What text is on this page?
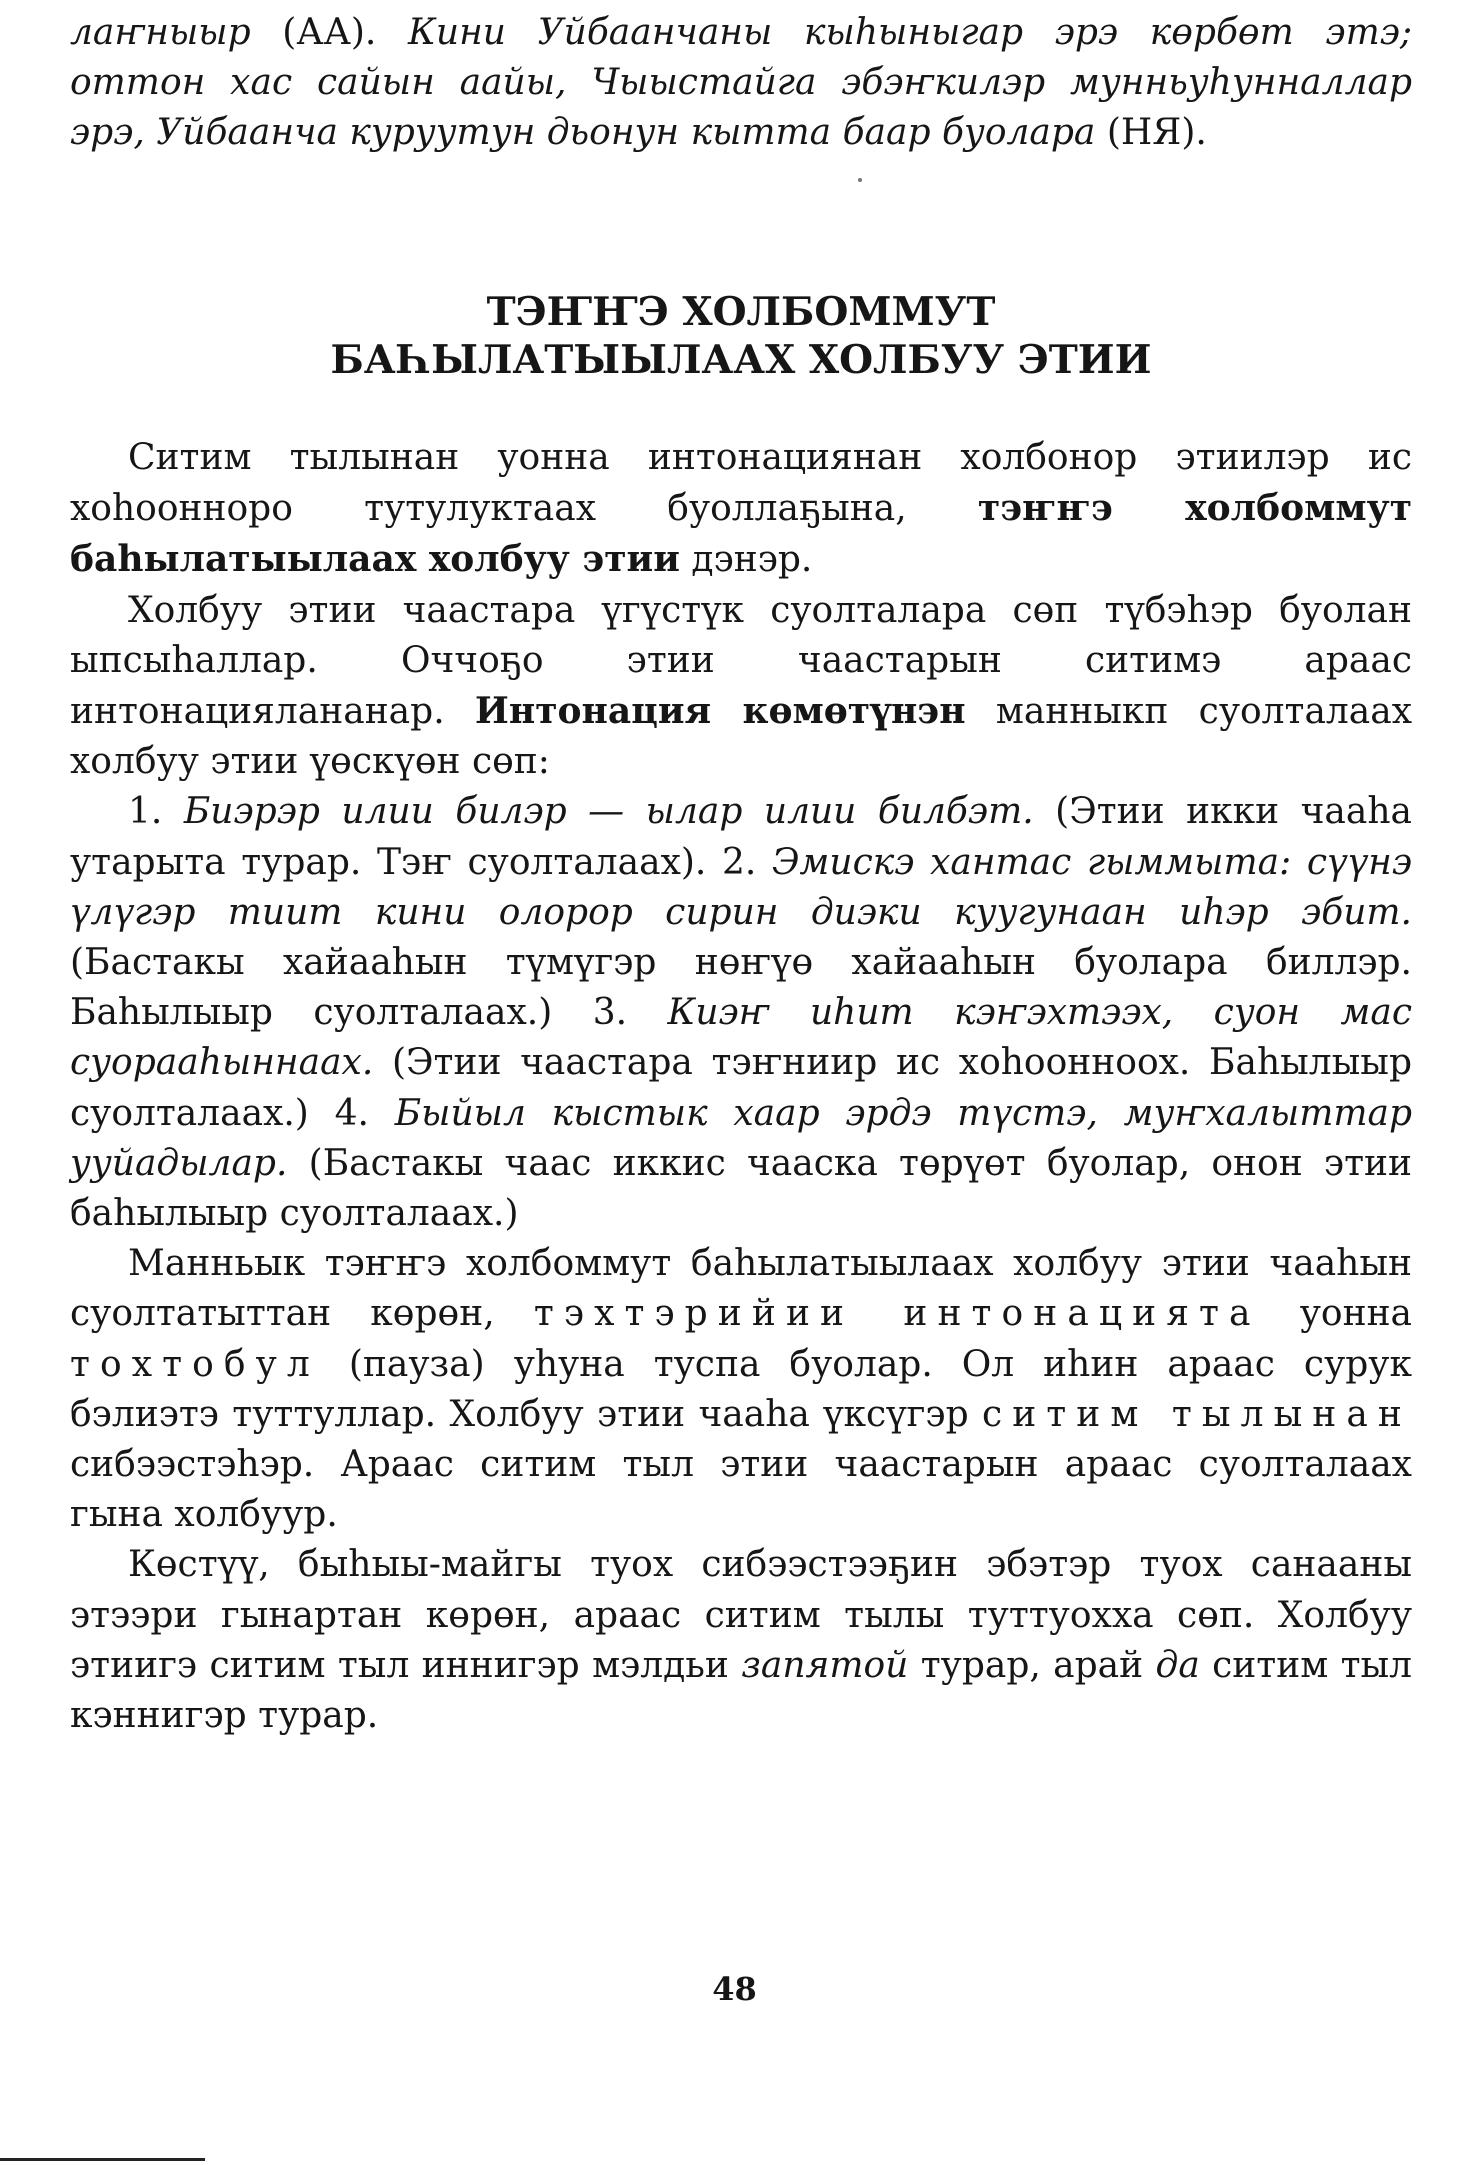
лаҥныыр (АА). Кини Уйбаанчаны кыһыныгар эрэ көрбөт этэ; оттон хас сайын аайы, Чыыстайга эбэҥкилэр мунньуһунналлар эрэ, Уйбаанча куруутун дьонун кытта баар буолара (НЯ).

ТЭҤҤЭ ХОЛБОММУТ
БАҺЫЛАТЫЫЛААХ ХОЛБУУ ЭТИИ

Ситим тылынан уонна интонациянан холбонор этиилэр ис хоһоонноро тутулуктаах буоллаҕына, тэҥҥэ холбоммут баһылатыылаах холбуу этии дэнэр.

Холбуу этии чаастара үгүстүк суолталара сөп түбэһэр буолан ыпсыһаллар. Оччоҕо этии чаастарын ситимэ араас интонациялананар. Интонация көмөтүнэн манныкп суолталаах холбуу этии үөскүөн сөп:

1. Биэрэр илии билэр — ылар илии билбэт. (Этии икки чааһа утарыта турар. Тэҥ суолталаах). 2. Эмискэ хантас гыммыта: сүүнэ үлүгэр тиит кини олорор сирин диэки куугунаан иһэр эбит. (Бастакы хайааһын түмүгэр нөҥүө хайааһын буолара биллэр. Баһылыыр суолталаах.) 3. Киэҥ иһит кэҥэхтээх, суон мас суорааһыннаах. (Этии чаастара тэҥниир ис хоһоонноох. Баһылыыр суолталаах.) 4. Быйыл кыстык хаар эрдэ түстэ, муҥхалыттар ууйадылар. (Бастакы чаас иккис чааска төрүөт буолар, онон этии баһылыыр суолталаах.)

Манньык тэҥҥэ холбоммут баһылатыылаах холбуу этии чааһын суолтатыттан көрөн, тэхтэрийии интонацията уонна тохтобул (пауза) уһуна туспа буолар. Ол иһин араас сурук бэлиэтэ туттуллар. Холбуу этии чааһа үксүгэр ситим тылынан сибээстэһэр. Араас ситим тыл этии чаастарын араас суолталаах гына холбуур.

Көстүү, быһыы-майгы туох сибээстээҕин эбэтэр туох санааны этээри гынартан көрөн, араас ситим тылы туттуохха сөп. Холбуу этиигэ ситим тыл иннигэр мэлдьи запятой турар, арай да ситим тыл кэннигэр турар.

48
